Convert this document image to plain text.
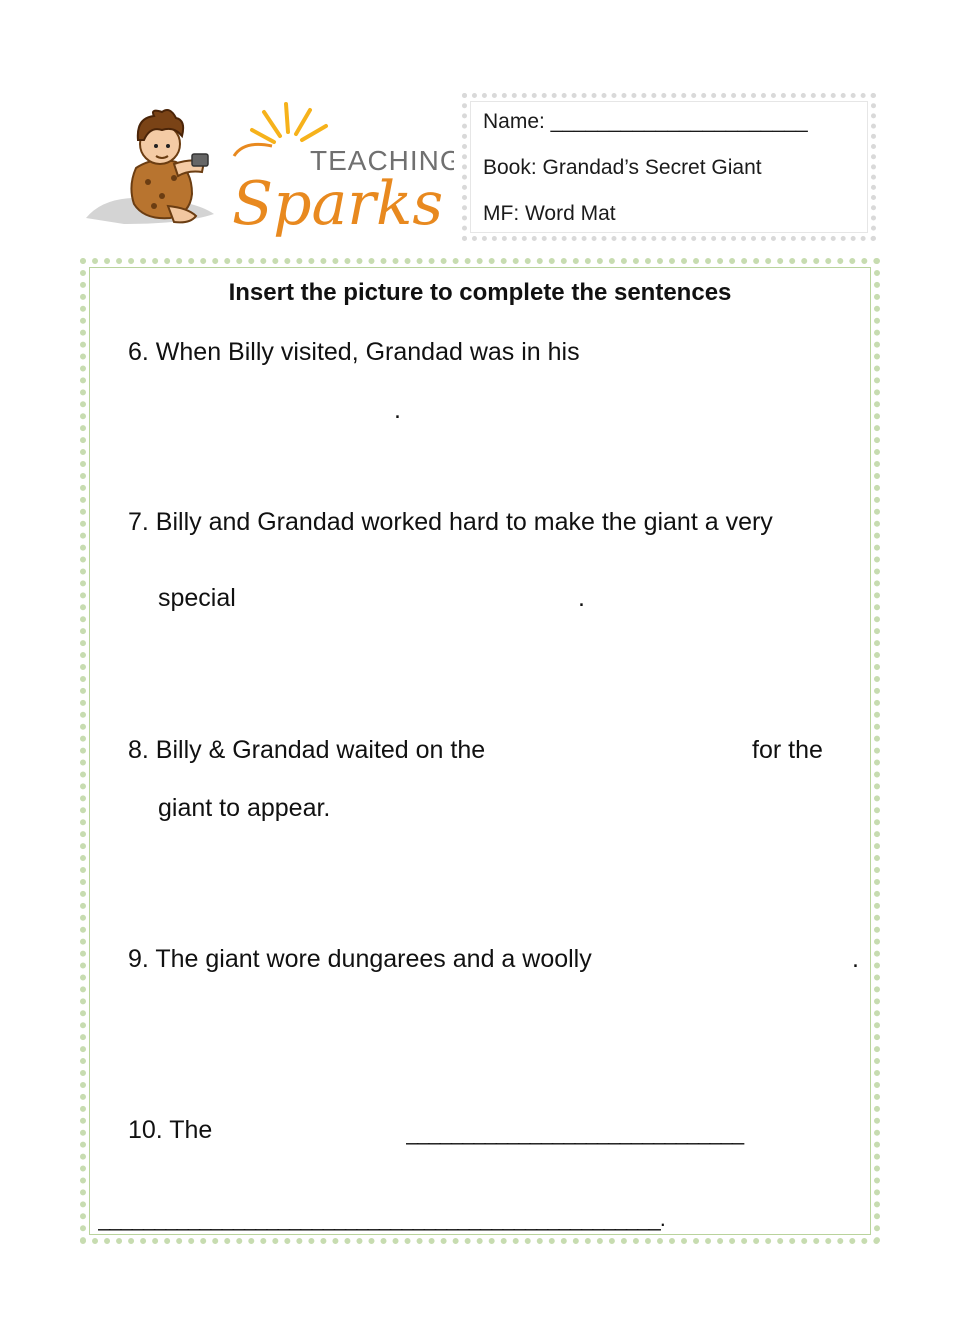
TEACHING
Sparks
Name: ______________________
Book: Grandad’s Secret Giant
MF: Word Mat
Insert the picture to complete the sentences
6. When Billy visited, Grandad was in his
.
7. Billy and Grandad worked hard to make the giant a very
special	.
8. Billy & Grandad waited on the	for the
giant to appear.
9. The giant wore dungarees and a woolly	.
10. The	______________________________
__________________________________________________.
